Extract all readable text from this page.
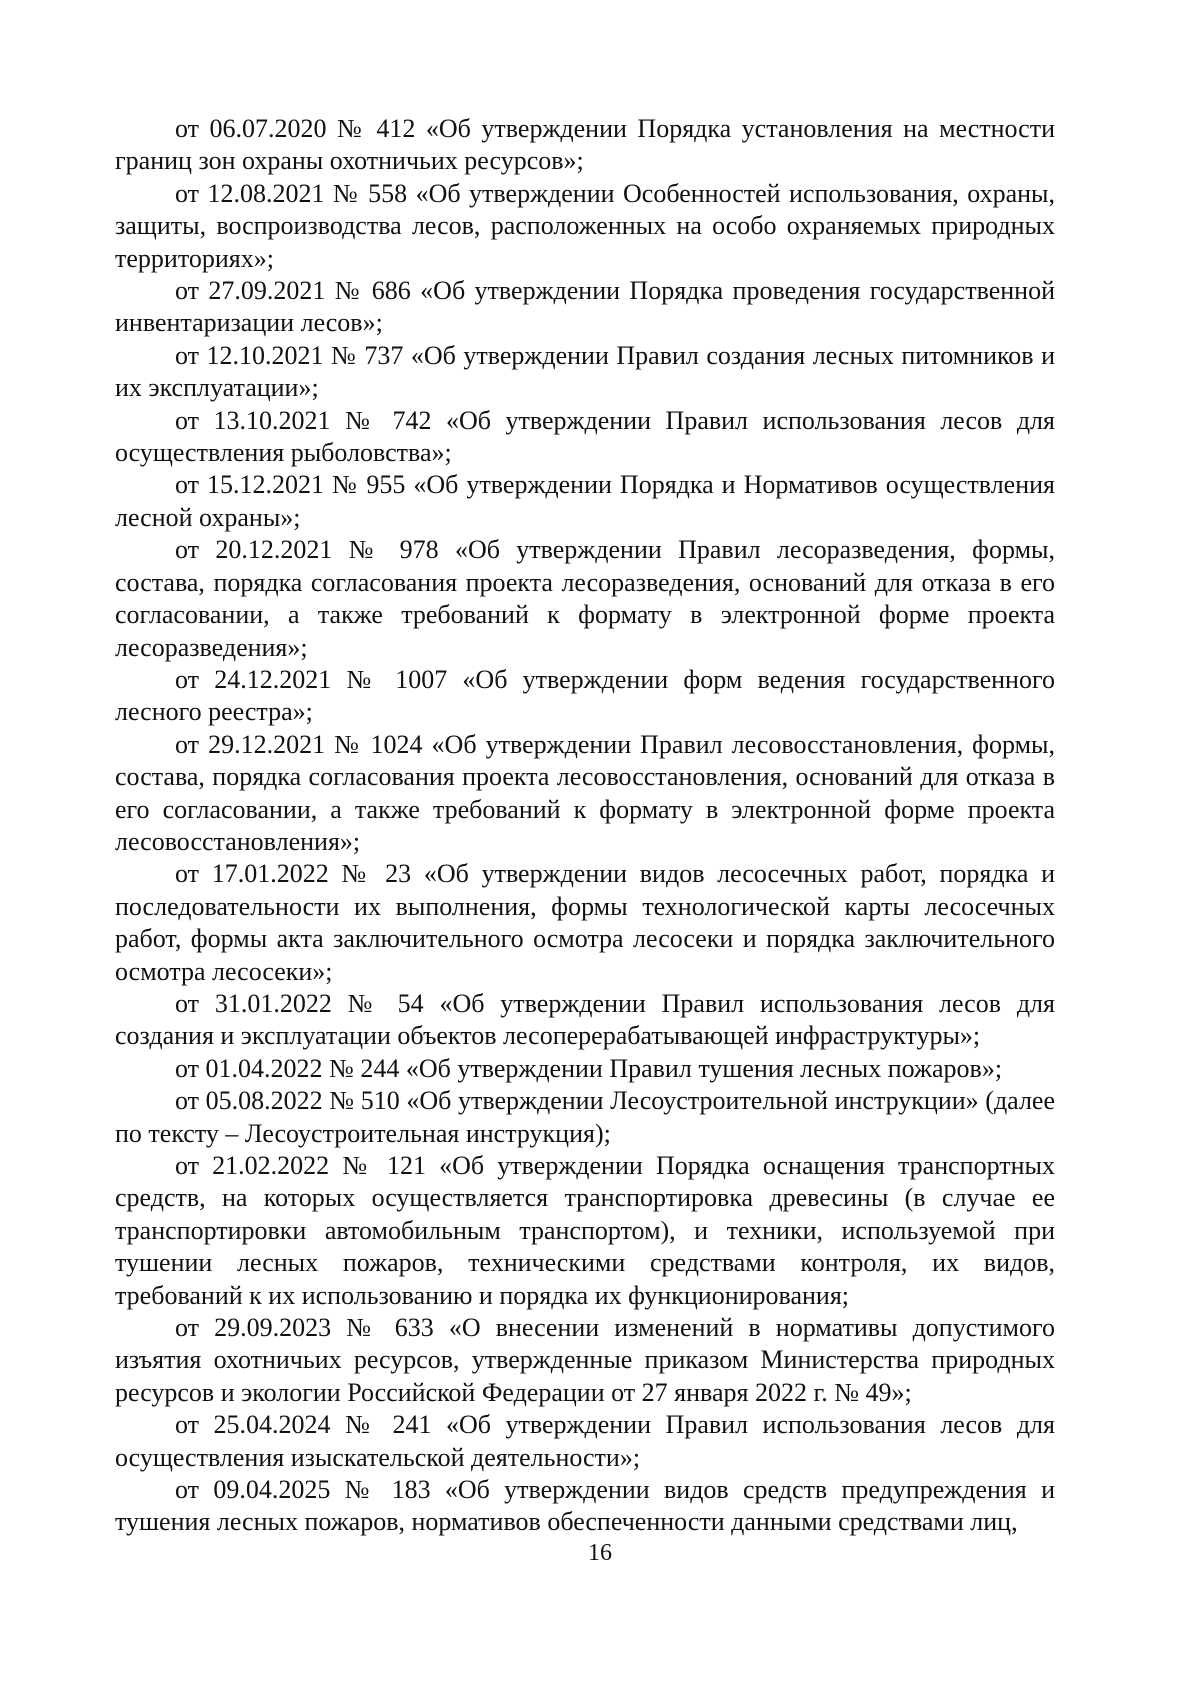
от 06.07.2020 № 412 «Об утверждении Порядка установления на местности границ зон охраны охотничьих ресурсов»;

от 12.08.2021 № 558 «Об утверждении Особенностей использования, охраны, защиты, воспроизводства лесов, расположенных на особо охраняемых природных территориях»;

от 27.09.2021 № 686 «Об утверждении Порядка проведения государственной инвентаризации лесов»;

от 12.10.2021 № 737 «Об утверждении Правил создания лесных питомников и их эксплуатации»;

от 13.10.2021 № 742 «Об утверждении Правил использования лесов для осуществления рыболовства»;

от 15.12.2021 № 955 «Об утверждении Порядка и Нормативов осуществления лесной охраны»;

от 20.12.2021 № 978 «Об утверждении Правил лесоразведения, формы, состава, порядка согласования проекта лесоразведения, оснований для отказа в его согласовании, а также требований к формату в электронной форме проекта лесоразведения»;

от 24.12.2021 № 1007 «Об утверждении форм ведения государственного лесного реестра»;

от 29.12.2021 № 1024 «Об утверждении Правил лесовосстановления, формы, состава, порядка согласования проекта лесовосстановления, оснований для отказа в его согласовании, а также требований к формату в электронной форме проекта лесовосстановления»;

от 17.01.2022 № 23 «Об утверждении видов лесосечных работ, порядка и последовательности их выполнения, формы технологической карты лесосечных работ, формы акта заключительного осмотра лесосеки и порядка заключительного осмотра лесосеки»;

от 31.01.2022 № 54 «Об утверждении Правил использования лесов для создания и эксплуатации объектов лесоперерабатывающей инфраструктуры»;

от 01.04.2022 № 244 «Об утверждении Правил тушения лесных пожаров»;

от 05.08.2022 № 510 «Об утверждении Лесоустроительной инструкции» (далее по тексту – Лесоустроительная инструкция);

от 21.02.2022 № 121 «Об утверждении Порядка оснащения транспортных средств, на которых осуществляется транспортировка древесины (в случае ее транспортировки автомобильным транспортом), и техники, используемой при тушении лесных пожаров, техническими средствами контроля, их видов, требований к их использованию и порядка их функционирования;

от 29.09.2023 № 633 «О внесении изменений в нормативы допустимого изъятия охотничьих ресурсов, утвержденные приказом Министерства природных ресурсов и экологии Российской Федерации от 27 января 2022 г. № 49»;

от 25.04.2024 № 241 «Об утверждении Правил использования лесов для осуществления изыскательской деятельности»;

от 09.04.2025 № 183 «Об утверждении видов средств предупреждения и тушения лесных пожаров, нормативов обеспеченности данными средствами лиц,

16
